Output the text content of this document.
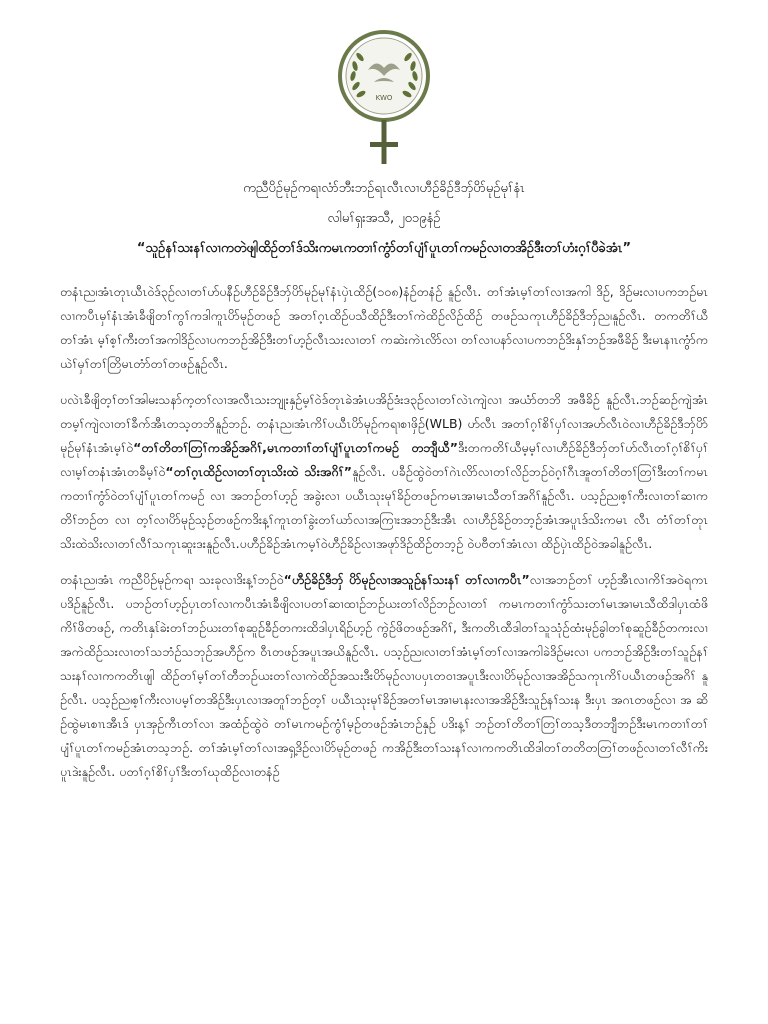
KWO
ကညီပိဉ်မုဉ်ကရၢလံာ်ဘီးဘဉ်ရၤလီၤလၢဟီဉ်ခိဉ်ဒီဘှ်ပိာ်မုဉ်မုၢ်နံၤ
လါမၢ်ရှးအသီ, ၂၀၁၉နံဉ်
“သူဉ်နၢ်သးနၢ်လၢကတဲဖျါထိဉ်တၢ်ဒ်သိးကမၤကတၢၢ်ကွံာ်တၢ်ပျံၢ်ပူၤတၢ်ကမဉ်လၢတအိဉ်ဒီးတၢ်ဟံးဂ့ၢ်ပီခဲအံၤ”

တနံၤည၊အံၤတုၤယီၤဝဲဒ်၃ဉ်လၢတၢ်ဟ်ပနီဉ်ဟီဉ်ခိဉ်ဒီဘှ်ပိာ်မုဉ်မုၢ်နံၤပှဲၤထိဉ်(၁၀၈)နံဉ်တနံဉ် နူဉ်လီၤ. တၢ်အံၤမ့ၢ်တၢ်လၢအကါ ဒိဉ်, ဒိဉ်မးလၢပကဘဉ်မၤလၢကပီၤမှၢ်နံၤအံၤခီဖျိတၢ်ကွၢ်ကဒါကူၤပိာ်မုဉ်တဖဉ် အတၢ်ဂ့ၤထိဉ်ပသီထိဉ်ဒီးတၢ်ကဲထိဉ်လိဉ်ထိဉ် တဖဉ်သကုၤဟီဉ်ခိဉ်ဒီဘှ်ည၊နူဉ်လီၤ. တကတိၢ်ယီတၢ်အံၤ မ့ၢ်စ့ၢ်ကီးတၢ်အကါဒိဉ်လၢပကဘဉ်အိဉ်ဒီးတၢ်ဟ့ဉ်လီၤသးလၢတၢ် ကဆဲးကဲၤလိာ်လၢ တၢ်လၢပနာ်လၢပကဘဉ်ဒိးနှၢ်ဘဉ်အဖီခိဉ် ဒီးမၤနၢၤကွံာ်ကယဲၢ်မှၢ်တၢ်တြိမၤတံာ်တၢ်တဖဉ်နူဉ်လီၤ.

ပလဲၤခီဖျိတ့ၢ်တၢ်အါမးသနာ်က့တၢ်လၢအလီၤသးဘျုးနှဉ်မ့ၢ်ဝဲဒ်တုၤခဲအံၤပအိဉ်ဒံးဒ၃ဉ်လၢတၢ်လဲၤကျဲလၢ အယံာ်တဘိ အဖီခိဉ် နူဉ်လီၤ.ဘဉ်ဆဉ်ကျဲအံၤတမ့ၢ်ကျဲလၢတၢ်ခီက်အီၤတသ့တဘိနူဉ်ဘဉ်. တနံၤည၊အံၤကိၢ်ပယီၤပိာ်မုဉ်ကရၢစၢဖှိဉ်(WLB) ဟ်လီၤ အတၢ်ဂ့ၢ်စိၢ်ပှၢ်လၢအဟ်လီၤဝဲလၢဟီဉ်ခိဉ်ဒီဘှ်ပိာ်မုဉ်မုၢ်နံၤအံၤမ့ၢ်ဝဲ“တၢ်တိတၢ်တြၢ်ကအိဉ်အဂိၢ်,မၤကတၢၢ်တၢ်ပျံၢ်ပူၤတၢ်ကမဉ် တဘျီယီ”ဒီးတကတိၢ်ယီမ့မ့ၢ်လၢဟီဉ်ခိဉ်ဒီဘှ်တၢ်ဟ်လီၤတၢ်ဂ့ၢ်စိၢ်ပှၢ်လၢမ့ၢ်တနံၤအံၤတခီမ့ၢ်ဝဲ“တၢ်ဂ့ၤထိဉ်လၢတၢ်တုၤသိးထဲ သိးအဂိၢ်”နူဉ်လီၤ. ပခီဉ်ထွဲဝဲတၢ်ဂဲၤလိာ်လၢတၢ်လိဉ်ဘဉ်ဝဲဂ့ၢ်ဂီၤအူတၢ်တိတၢ်တြၢ်ဒီးတၢ်ကမၤကတၢၢ်ကွံာ်ဝဲတၢ်ပျံၢ်ပူၤတၢ်ကမဉ် လၢ အဘဉ်တၢ်ဟ့ဉ် အခွဲးလၢ ပယီၤသုးမုၢ်ခိဉ်တဖဉ်ကမၤအၢမၤသီတၢ်အဂိၢ်နူဉ်လီၤ. ပသ့ဉ်ည၊စ့ၢ်ကီးလၢတၢ်ဆၢကတိၢ်ဘဉ်တ လၢ တ့ၢ်လၢပိာ်မုဉ်သ့ဉ်တဖဉ်ကဒိးန့ၢ်ကူၤတၢ်ခွဲးတၢ်ယာ်လၢအကြၢးအဘဉ်ဒီးအီၤ လၢဟီဉ်ခိဉ်တဘ့ဉ်အံၤအပူၤဒ်သိးကမၤ လီၤ တံၢ်တၢ်တုၤသိးထဲသိးလၢတၢ်လီၢ်သကုၤဆူးဒးနူဉ်လီၤ.ပဟီဉ်ခိဉ်အံၤကမ့ၢ်ဝဲဟီဉ်ခိဉ်လၢအဖုာ်ဒိဉ်ထိဉ်တဘ့ဉ် ဝဲပဗီတၢ်အံၤလၢ ထိဉ်ပှဲၤထိဉ်ဝဲအခါနူဉ်လီၤ.

တနံၤည၊အံၤ ကညီပိဉ်မုဉ်ကရၢ သးခုလၢဒိးန့ၢ်ဘဉ်ဝဲ“ဟီဉ်ခိဉ်ဒီဘှ် ပိာ်မုဉ်လၢအသူဉ်နၢ်သးနၢ် တၢ်လၢကပီၤ”လၢအဘဉ်တၢ် ဟ့ဉ်အီၤလၢကိၢ်အဝဲရကၤပဒိဉ်နူဉ်လီၤ. ပဘဉ်တၢ်ဟ့ဉ်ပှၤတၢ်လၢကပီၤအံၤခီဖျိလၢပတၢ်ဆၢထၢဉ်ဘဉ်ယးတၢ်လိဉ်ဘဉ်လၢတၢ် ကမၤကတၢၢ်ကွံာ်သးတၢ်မၤအၢမၤသီထိဒါပှၤထံဖိကိၢ်ဖိတဖဉ်, ကတိၤနှၤ်ခဲးတၢ်ဘဉ်ယးတၢ်စုဆူဉ်ခီဉ်တကးထိဒါပှၤရိဉ်ဟ့ဉ် ကွဲဉ်ဖိတဖဉ်အဂိၢ်, ဒီးကတိၤထီဒါတၢ်သူသုံဉ်ထံးမုဉ်ခွါတၢ်စုဆူဉ်ခီဉ်တကးလၢအကဲထိဉ်သးလၢတၢ်သဘံဉ်သဘုဉ်အဟီဉ်က ဝီၤတဖဉ်အပူၤအယိနူဉ်လီၤ. ပသ့ဉ်ည၊လၢတၢ်အံၤမ့ၢ်တၢ်လၢအကါခဲဒိဉ်မးလၢ ပကဘဉ်အိဉ်ဒီးတၢ်သူဉ်နၢ်သးနၢ်လၢကကတိၤဖျါ ထိဉ်တၢ်မ့ၢ်တၢ်တီဘဉ်ယးတၢ်လၢကဲထိဉ်အသးဒီးပိာ်မုဉ်လၢပပှၤတဝၢအပူၤဒီးလၢပိာ်မုဉ်လၢအအိဉ်သကုၤကိၢ်ပယီၤတဖဉ်အဂိၢ် နူဉ်လီၤ. ပသ့ဉ်ည၊စ့ၢ်ကီးလၢပမ့ၢ်တအိဉ်ဒီးပှၤလၢအတူၢ်ဘဉ်တ့ၢ် ပယီၤသုးမုၢ်ခိဉ်အတၢ်မၤအၢမၤနးလၢအအိဉ်ဒီးသူဉ်နၢ်သးန ဒီးပှၤ အဂၤတဖဉ်လၢ အ ဆိဉ်ထွဲမၤစၢၤအီၤဒ် ပှၤအှဉ်ကီၤတၢ်လၢ အထံဉ်ထွဲဝဲ တၢ်မၤကမဉ်ကွံၢ်မ့ဉ်တဖဉ်အံၤဘဉ်နှဉ် ပဒိးန့ၢ် ဘဉ်တၢ်တိတၢ်တြၢ်တသ့ဒီတဘျီဘဉ်ဒီးမၤကတၢၢ်တၢ်ပျံၢ်ပူၤတၢ်ကမဉ်အံၤတသ့ဘဉ်. တၢ်အံၤမ့ၢ်တၢ်လၢအရှ့ဒိဉ်လၢပိာ်မုဉ်တဖဉ် ကအိဉ်ဒီးတၢ်သးနၢ်လၢကကတိၤထိဒါတၢ်တတိတတြၢ်တဖဉ်လၢတၢ်လီၢ်ကိးပူၤဒဲးနူဉ်လီၤ. ပတၢ်ဂ့ၢ်စိၢ်ပှၢ်ဒီးတၢ်ဃုထိဉ်လၢတနံဉ်
